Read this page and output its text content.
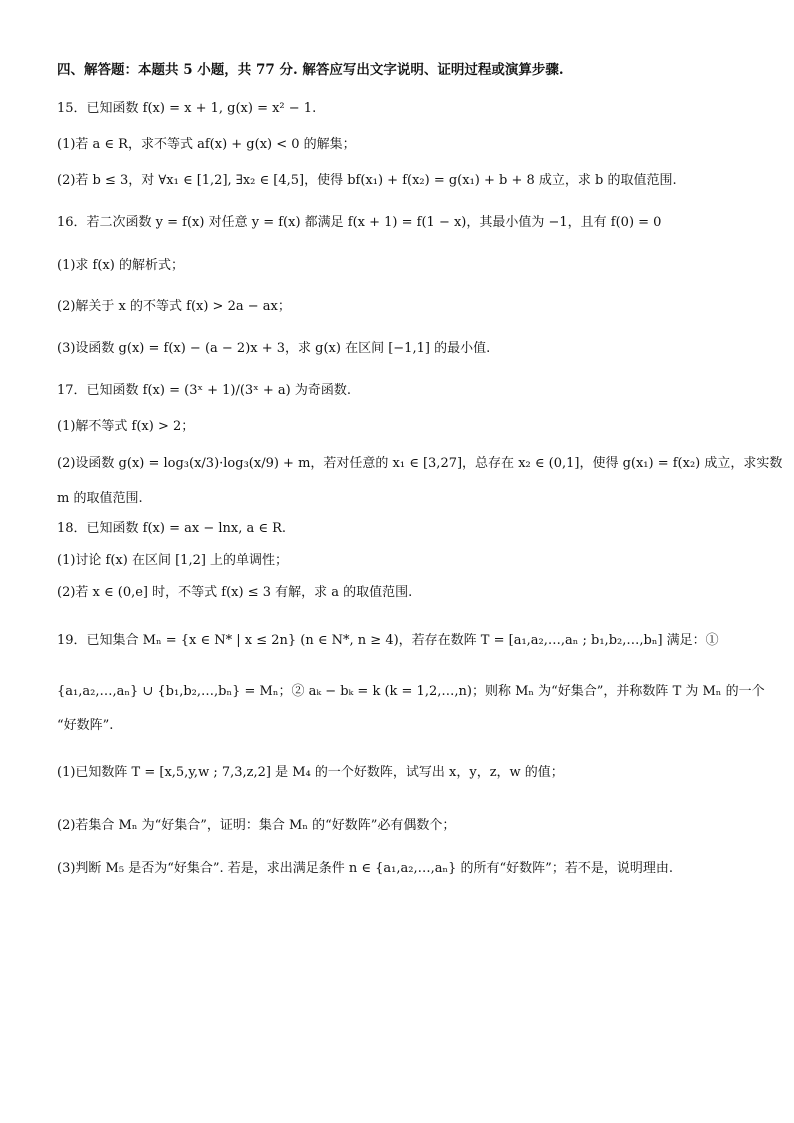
四、解答题：本题共 5 小题，共 77 分. 解答应写出文字说明、证明过程或演算步骤.
15．已知函数 f(x) = x + 1, g(x) = x² − 1.
(1)若 a ∈ R，求不等式 af(x) + g(x) < 0 的解集；
(2)若 b ≤ 3，对 ∀x₁ ∈ [1,2], ∃x₂ ∈ [4,5]，使得 bf(x₁) + f(x₂) = g(x₁) + b + 8 成立，求 b 的取值范围.
16．若二次函数 y = f(x) 对任意 y = f(x) 都满足 f(x + 1) = f(1 − x)，其最小值为 −1，且有 f(0) = 0
(1)求 f(x) 的解析式；
(2)解关于 x 的不等式 f(x) > 2a − ax；
(3)设函数 g(x) = f(x) − (a − 2)x + 3，求 g(x) 在区间 [−1,1] 的最小值.
17．已知函数 f(x) = (3ˣ + 1)/(3ˣ + a) 为奇函数.
(1)解不等式 f(x) > 2；
(2)设函数 g(x) = log₃(x/3)·log₃(x/9) + m，若对任意的 x₁ ∈ [3,27]，总存在 x₂ ∈ (0,1]，使得 g(x₁) = f(x₂) 成立，求实数
m 的取值范围.
18．已知函数 f(x) = ax − lnx, a ∈ R.
(1)讨论 f(x) 在区间 [1,2] 上的单调性；
(2)若 x ∈ (0,e] 时，不等式 f(x) ≤ 3 有解，求 a 的取值范围.
19．已知集合 Mₙ = {x ∈ N* | x ≤ 2n} (n ∈ N*, n ≥ 4)，若存在数阵 T = [a₁,a₂,…,aₙ ; b₁,b₂,…,bₙ] 满足：①
{a₁,a₂,…,aₙ} ∪ {b₁,b₂,…,bₙ} = Mₙ；② aₖ − bₖ = k (k = 1,2,…,n)；则称 Mₙ 为“好集合”，并称数阵 T 为 Mₙ 的一个
“好数阵”.
(1)已知数阵 T = [x,5,y,w ; 7,3,z,2] 是 M₄ 的一个好数阵，试写出 x，y，z，w 的值；
(2)若集合 Mₙ 为“好集合”，证明：集合 Mₙ 的“好数阵”必有偶数个；
(3)判断 M₅ 是否为“好集合”. 若是，求出满足条件 n ∈ {a₁,a₂,…,aₙ} 的所有“好数阵”；若不是，说明理由.
